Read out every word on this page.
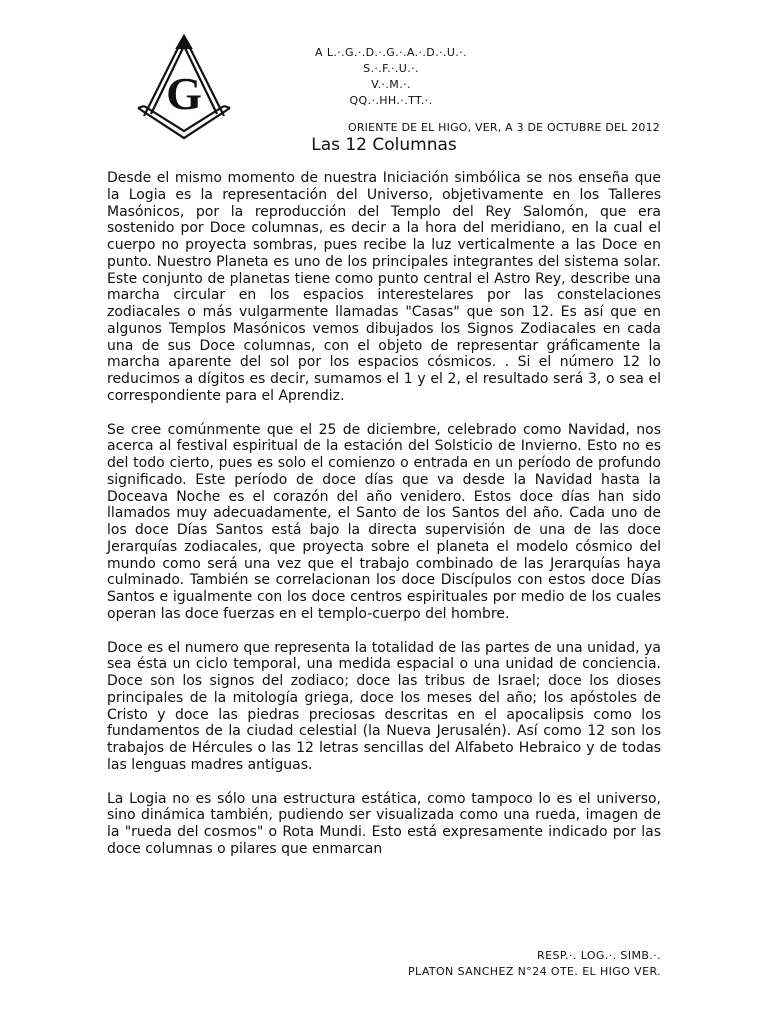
G
A L.·.G.·.D.·.G.·.A.·.D.·.U.·.
S.·.F.·.U.·.
V.·.M.·.
QQ.·.HH.·.TT.·.
ORIENTE DE EL HIGO, VER, A 3 DE OCTUBRE DEL 2012
Las 12 Columnas

Desde el mismo momento de nuestra Iniciación simbólica se nos enseña que la Logia es la representación del Universo, objetivamente en los Talleres Masónicos, por la reproducción del Templo del Rey Salomón, que era sostenido por Doce columnas, es decir a la hora del meridiano, en la cual el cuerpo no proyecta sombras, pues recibe la luz verticalmente a las Doce en punto. Nuestro Planeta es uno de los principales integrantes del sistema solar. Este conjunto de planetas tiene como punto central el Astro Rey, describe una marcha circular en los espacios interestelares por las constelaciones zodiacales o más vulgarmente llamadas "Casas" que son 12. Es así que en algunos Templos Masónicos vemos dibujados los Signos Zodiacales en cada una de sus Doce columnas, con el objeto de representar gráficamente la marcha aparente del sol por los espacios cósmicos. . Si el número 12 lo reducimos a dígitos es decir, sumamos el 1 y el 2, el resultado será 3, o sea el correspondiente para el Aprendiz.

Se cree comúnmente que el 25 de diciembre, celebrado como Navidad, nos acerca al festival espiritual de la estación del Solsticio de Invierno. Esto no es del todo cierto, pues es solo el comienzo o entrada en un período de profundo significado. Este período de doce días que va desde la Navidad hasta la Doceava Noche es el corazón del año venidero. Estos doce días han sido llamados muy adecuadamente, el Santo de los Santos del año. Cada uno de los doce Días Santos está bajo la directa supervisión de una de las doce Jerarquías zodiacales, que proyecta sobre el planeta el modelo cósmico del mundo como será una vez que el trabajo combinado de las Jerarquías haya culminado. También se correlacionan los doce Discípulos con estos doce Días Santos e igualmente con los doce centros espirituales por medio de los cuales operan las doce fuerzas en el templo-cuerpo del hombre.

Doce es el numero que representa la totalidad de las partes de una unidad, ya sea ésta un ciclo temporal, una medida espacial o una unidad de conciencia. Doce son los signos del zodiaco; doce las tribus de Israel; doce los dioses principales de la mitología griega, doce los meses del año; los apóstoles de Cristo y doce las piedras preciosas descritas en el apocalipsis como los fundamentos de la ciudad celestial (la Nueva Jerusalén). Así como 12 son los trabajos de Hércules o las 12 letras sencillas del Alfabeto Hebraico y de todas las lenguas madres antiguas.

La Logia no es sólo una estructura estática, como tampoco lo es el universo, sino dinámica también, pudiendo ser visualizada como una rueda, imagen de la "rueda del cosmos" o Rota Mundi. Esto está expresamente indicado por las doce columnas o pilares que enmarcan

RESP.·. LOG.·. SIMB.·.
PLATON SANCHEZ N°24 OTE. EL HIGO VER.
